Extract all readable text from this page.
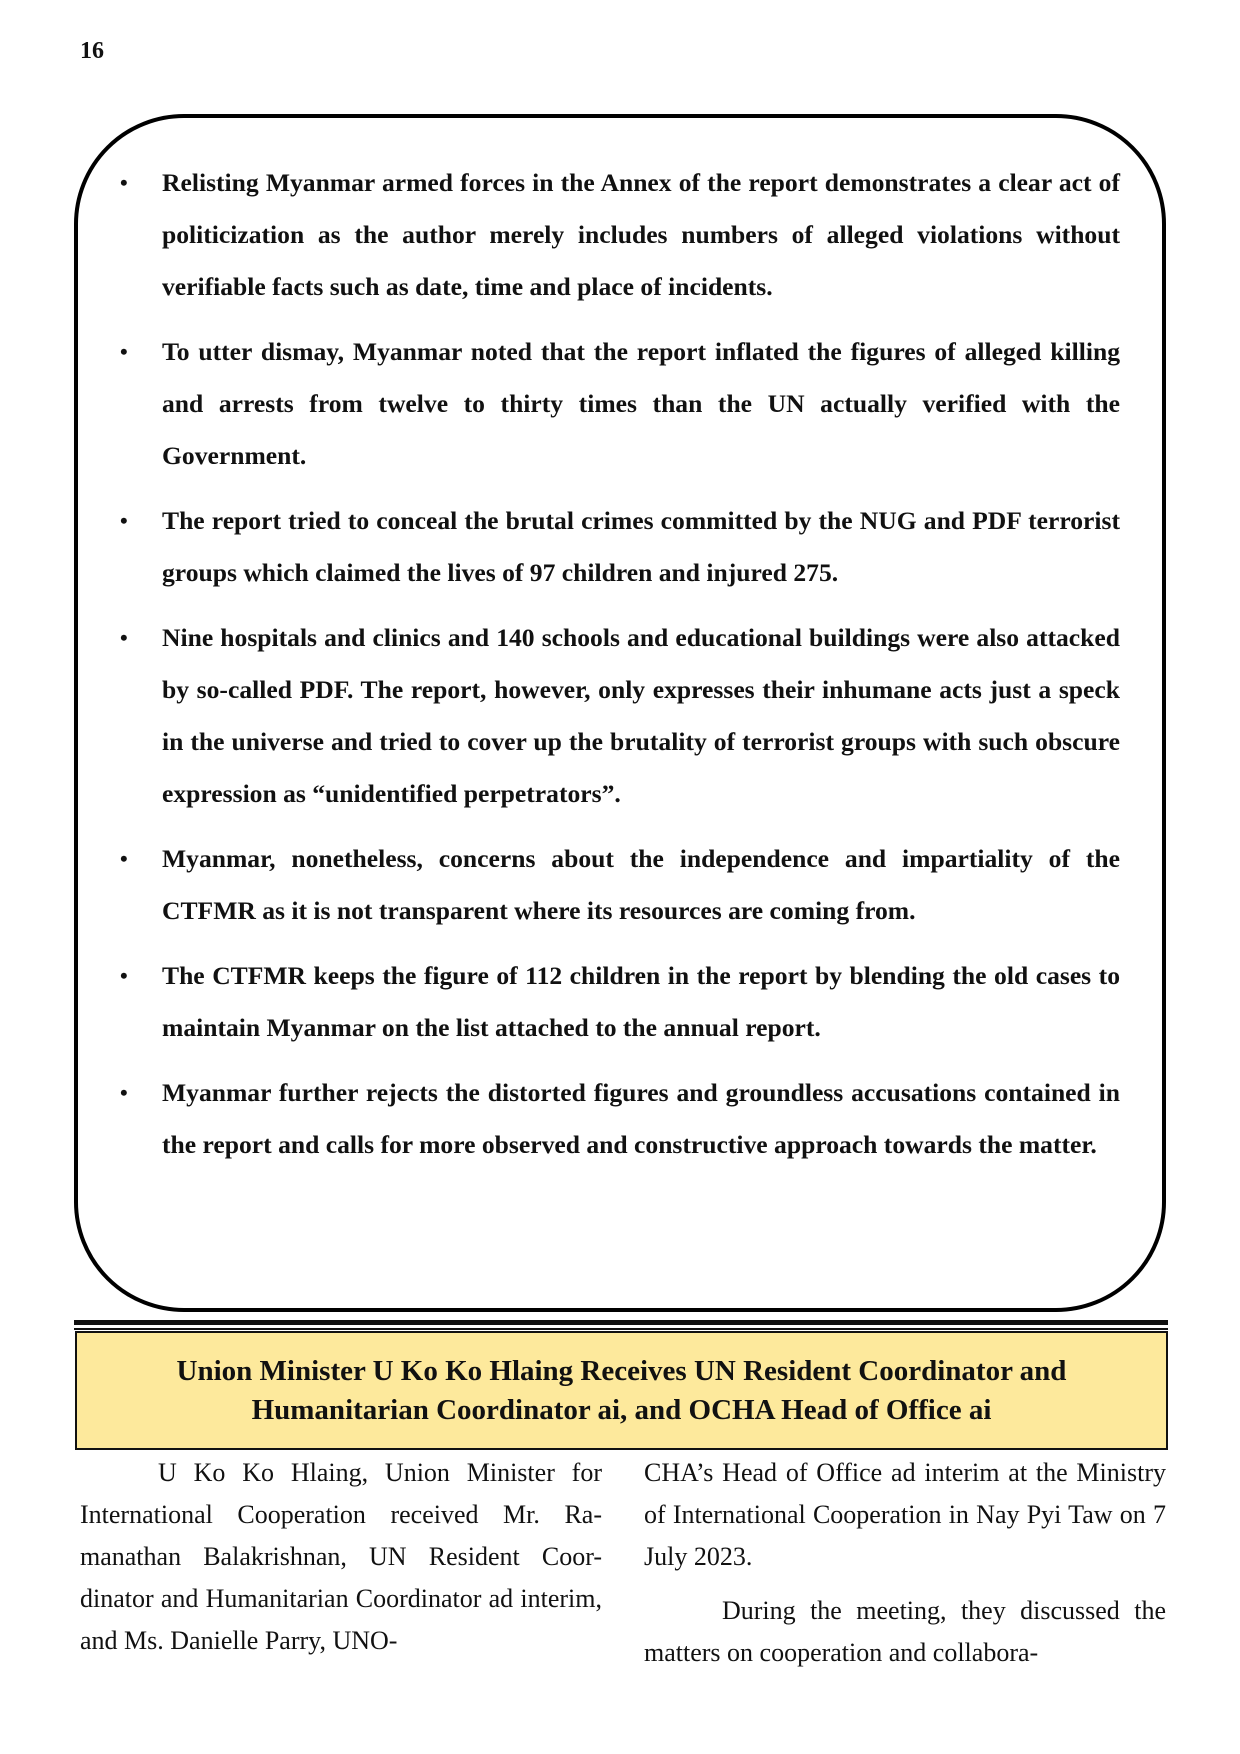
16
• Relisting Myanmar armed forces in the Annex of the report demonstrates a clear act of politicization as the author merely includes numbers of alleged violations without verifiable facts such as date, time and place of incidents.
• To utter dismay, Myanmar noted that the report inflated the figures of alleged killing and arrests from twelve to thirty times than the UN actually verified with the Government.
• The report tried to conceal the brutal crimes committed by the NUG and PDF terrorist groups which claimed the lives of 97 children and injured 275.
• Nine hospitals and clinics and 140 schools and educational buildings were also attacked by so-called PDF. The report, however, only expresses their inhumane acts just a speck in the universe and tried to cover up the brutality of terrorist groups with such obscure expression as “unidentified perpetrators”.
• Myanmar, nonetheless, concerns about the independence and impartiality of the CTFMR as it is not transparent where its resources are coming from.
• The CTFMR keeps the figure of 112 children in the report by blending the old cases to maintain Myanmar on the list attached to the annual report.
• Myanmar further rejects the distorted figures and groundless accusations contained in the report and calls for more observed and constructive approach towards the matter.
Union Minister U Ko Ko Hlaing Receives UN Resident Coordinator and
Humanitarian Coordinator ai, and OCHA Head of Office ai

U Ko Ko Hlaing, Union Minister for International Cooperation received Mr. Ra-manathan Balakrishnan, UN Resident Coor-dinator and Humanitarian Coordinator ad interim, and Ms. Danielle Parry, UNO-

CHA’s Head of Office ad interim at the Ministry of International Cooperation in Nay Pyi Taw on 7 July 2023.

During the meeting, they discussed the matters on cooperation and collabora-
